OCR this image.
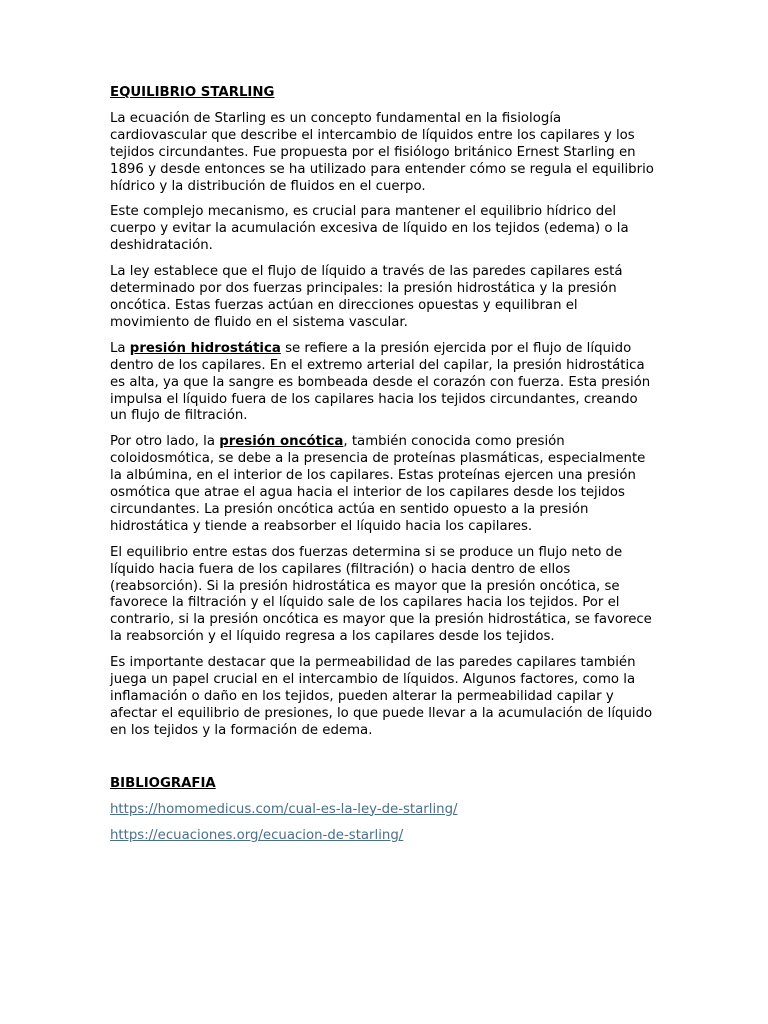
EQUILIBRIO STARLING

La ecuación de Starling es un concepto fundamental en la fisiología cardiovascular que describe el intercambio de líquidos entre los capilares y los tejidos circundantes. Fue propuesta por el fisiólogo británico Ernest Starling en 1896 y desde entonces se ha utilizado para entender cómo se regula el equilibrio hídrico y la distribución de fluidos en el cuerpo.

Este complejo mecanismo, es crucial para mantener el equilibrio hídrico del cuerpo y evitar la acumulación excesiva de líquido en los tejidos (edema) o la deshidratación.

La ley establece que el flujo de líquido a través de las paredes capilares está determinado por dos fuerzas principales: la presión hidrostática y la presión oncótica. Estas fuerzas actúan en direcciones opuestas y equilibran el movimiento de fluido en el sistema vascular.

La presión hidrostática se refiere a la presión ejercida por el flujo de líquido dentro de los capilares. En el extremo arterial del capilar, la presión hidrostática es alta, ya que la sangre es bombeada desde el corazón con fuerza. Esta presión impulsa el líquido fuera de los capilares hacia los tejidos circundantes, creando un flujo de filtración.

Por otro lado, la presión oncótica, también conocida como presión coloidosmótica, se debe a la presencia de proteínas plasmáticas, especialmente la albúmina, en el interior de los capilares. Estas proteínas ejercen una presión osmótica que atrae el agua hacia el interior de los capilares desde los tejidos circundantes. La presión oncótica actúa en sentido opuesto a la presión hidrostática y tiende a reabsorber el líquido hacia los capilares.

El equilibrio entre estas dos fuerzas determina si se produce un flujo neto de líquido hacia fuera de los capilares (filtración) o hacia dentro de ellos (reabsorción). Si la presión hidrostática es mayor que la presión oncótica, se favorece la filtración y el líquido sale de los capilares hacia los tejidos. Por el contrario, si la presión oncótica es mayor que la presión hidrostática, se favorece la reabsorción y el líquido regresa a los capilares desde los tejidos.

Es importante destacar que la permeabilidad de las paredes capilares también juega un papel crucial en el intercambio de líquidos. Algunos factores, como la inflamación o daño en los tejidos, pueden alterar la permeabilidad capilar y afectar el equilibrio de presiones, lo que puede llevar a la acumulación de líquido en los tejidos y la formación de edema.

BIBLIOGRAFIA
https://homomedicus.com/cual-es-la-ley-de-starling/
https://ecuaciones.org/ecuacion-de-starling/
